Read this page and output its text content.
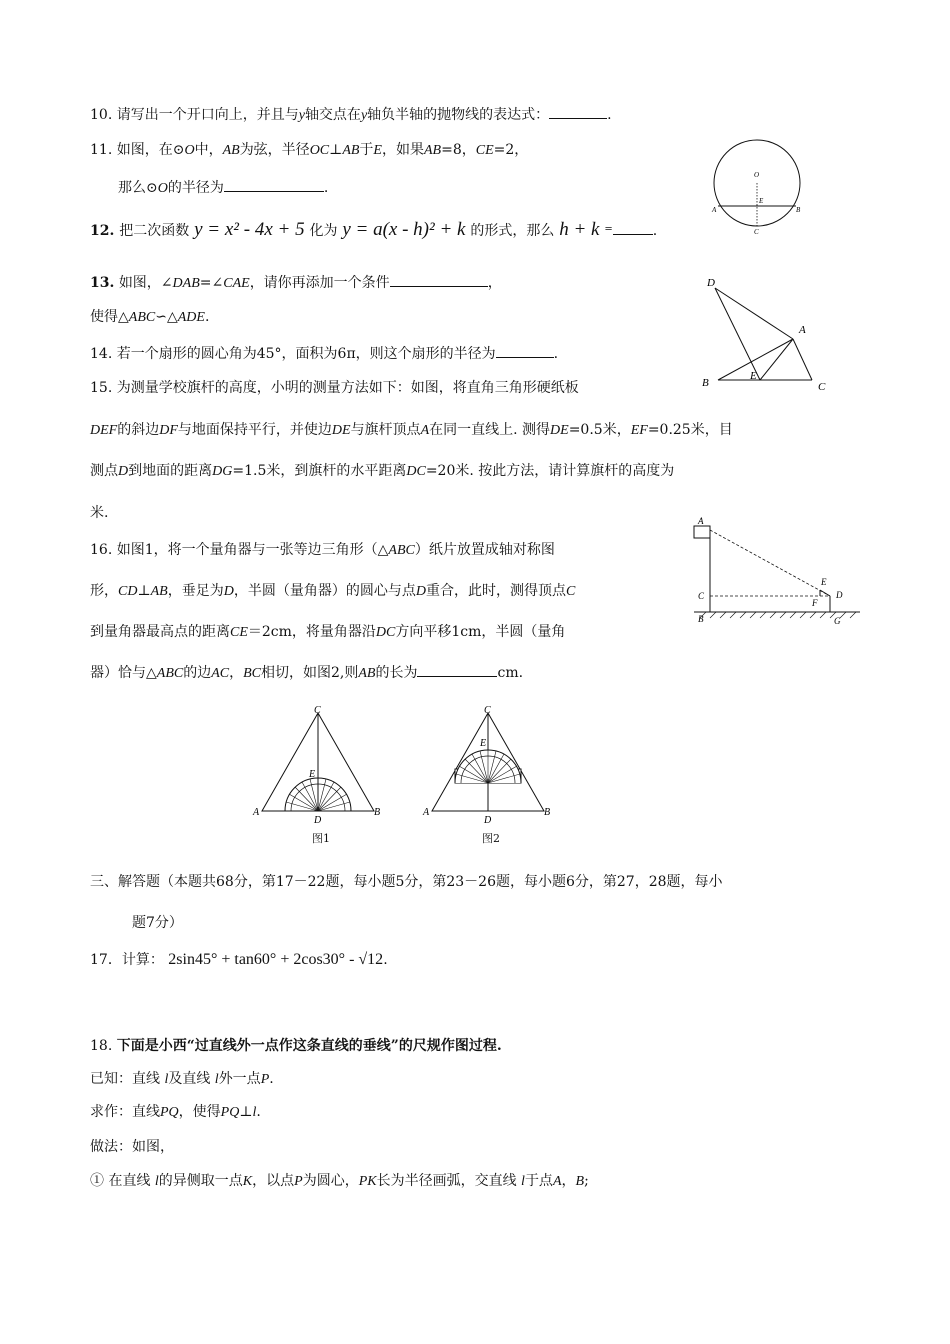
10. 请写出一个开口向上，并且与y轴交点在y轴负半轴的抛物线的表达式：	.
11. 如图，在⊙O中，AB为弦，半径OC⊥AB于E，如果AB=8，CE=2，
那么⊙O的半径为	.
O
E
A	B
C
12. 把二次函数 y = x² - 4x + 5 化为 y = a(x - h)² + k 的形式，那么 h + k =	.
13. 如图，∠DAB=∠CAE，请你再添加一个条件	，
使得△ABC∽△ADE.
D
A
B
E
C
14. 若一个扇形的圆心角为45°，面积为6π，则这个扇形的半径为	.
15. 为测量学校旗杆的高度，小明的测量方法如下：如图，将直角三角形硬纸板
DEF的斜边DF与地面保持平行，并使边DE与旗杆顶点A在同一直线上. 测得DE=0.5米，EF=0.25米，目
测点D到地面的距离DG=1.5米，到旗杆的水平距离DC=20米. 按此方法，请计算旗杆的高度为
米.	A
C
B
E
D
F
G
16. 如图1，将一个量角器与一张等边三角形（△ABC）纸片放置成轴对称图
形，CD⊥AB，垂足为D，半圆（量角器）的圆心与点D重合，此时，测得顶点C
到量角器最高点的距离CE＝2cm，将量角器沿DC方向平移1cm，半圆（量角
器）恰与△ABC的边AC，BC相切，如图2,则AB的长为	cm.
C
E
A
D
B
图1
C
E
A
D
B
图2
三、解答题（本题共68分，第17－22题，每小题5分，第23－26题，每小题6分，第27，28题，每小
题7分）
17．计算： 2sin45° + tan60° + 2cos30° - √12.
18. 下面是小西“过直线外一点作这条直线的垂线”的尺规作图过程.
已知：直线 l及直线 l外一点P.
求作：直线PQ，使得PQ⊥l.
做法：如图，
① 在直线 l的异侧取一点K，以点P为圆心，PK长为半径画弧，交直线 l于点A，B;
